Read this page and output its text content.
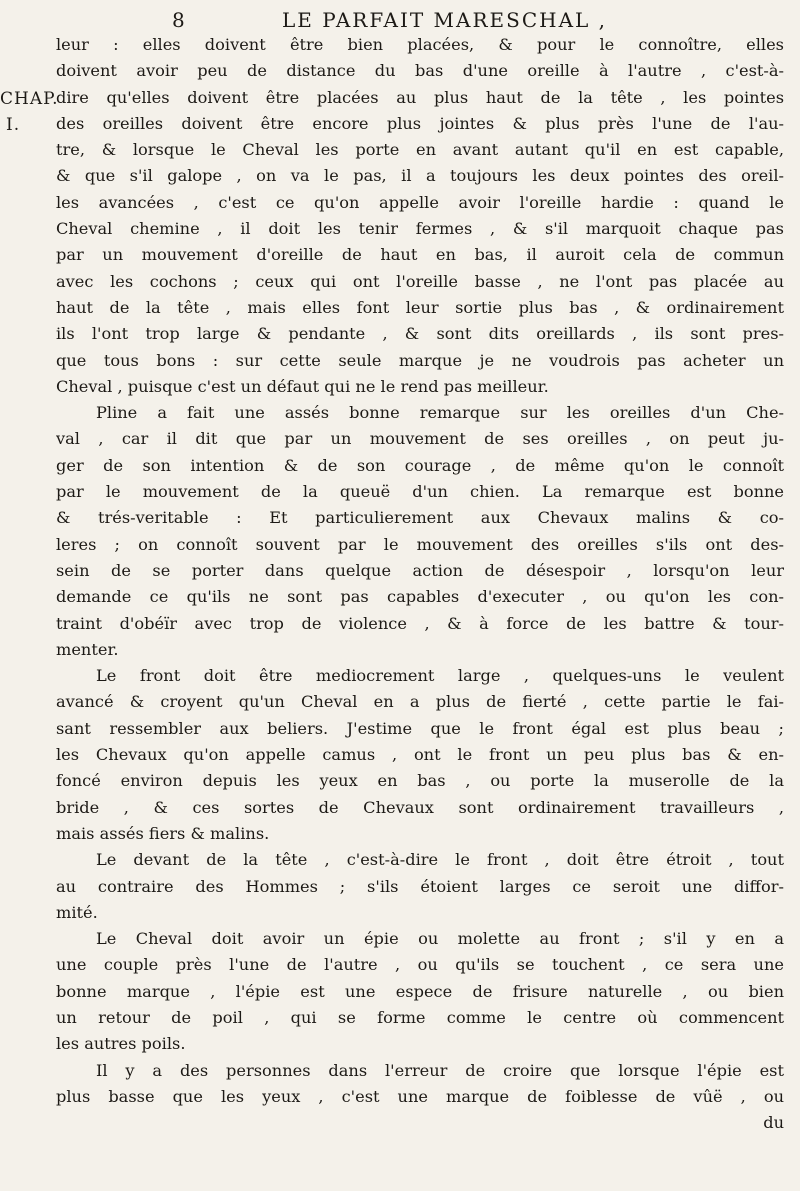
8	LE PARFAIT MARESCHAL ,
CHAP.
I.
leur : elles doivent être bien placées, & pour le connoître, elles
doivent avoir peu de distance du bas d'une oreille à l'autre , c'est-à-
dire qu'elles doivent être placées au plus haut de la tête , les pointes
des oreilles doivent être encore plus jointes & plus près l'une de l'au-
tre, & lorsque le Cheval les porte en avant autant qu'il en est capable,
& que s'il galope , on va le pas, il a toujours les deux pointes des oreil-
les avancées , c'est ce qu'on appelle avoir l'oreille hardie : quand le
Cheval chemine , il doit les tenir fermes , & s'il marquoit chaque pas
par un mouvement d'oreille de haut en bas, il auroit cela de commun
avec les cochons ; ceux qui ont l'oreille basse , ne l'ont pas placée au
haut de la tête , mais elles font leur sortie plus bas , & ordinairement
ils l'ont trop large & pendante , & sont dits oreillards , ils sont pres-
que tous bons : sur cette seule marque je ne voudrois pas acheter un
Cheval , puisque c'est un défaut qui ne le rend pas meilleur.
Pline a fait une assés bonne remarque sur les oreilles d'un Che-
val , car il dit que par un mouvement de ses oreilles , on peut ju-
ger de son intention & de son courage , de même qu'on le connoît
par le mouvement de la queuë d'un chien. La remarque est bonne
& trés-veritable : Et particulierement aux Chevaux malins & co-
leres ; on connoît souvent par le mouvement des oreilles s'ils ont des-
sein de se porter dans quelque action de désespoir , lorsqu'on leur
demande ce qu'ils ne sont pas capables d'executer , ou qu'on les con-
traint d'obéïr avec trop de violence , & à force de les battre & tour-
menter.
Le front doit être mediocrement large , quelques-uns le veulent
avancé & croyent qu'un Cheval en a plus de fierté , cette partie le fai-
sant ressembler aux beliers. J'estime que le front égal est plus beau ;
les Chevaux qu'on appelle camus , ont le front un peu plus bas & en-
foncé environ depuis les yeux en bas , ou porte la muserolle de la
bride , & ces sortes de Chevaux sont ordinairement travailleurs ,
mais assés fiers & malins.
Le devant de la tête , c'est-à-dire le front , doit être étroit , tout
au contraire des Hommes ; s'ils étoient larges ce seroit une diffor-
mité.
Le Cheval doit avoir un épie ou molette au front ; s'il y en a
une couple près l'une de l'autre , ou qu'ils se touchent , ce sera une
bonne marque , l'épie est une espece de frisure naturelle , ou bien
un retour de poil , qui se forme comme le centre où commencent
les autres poils.
Il y a des personnes dans l'erreur de croire que lorsque l'épie est
plus basse que les yeux , c'est une marque de foiblesse de vûë , ou
du
